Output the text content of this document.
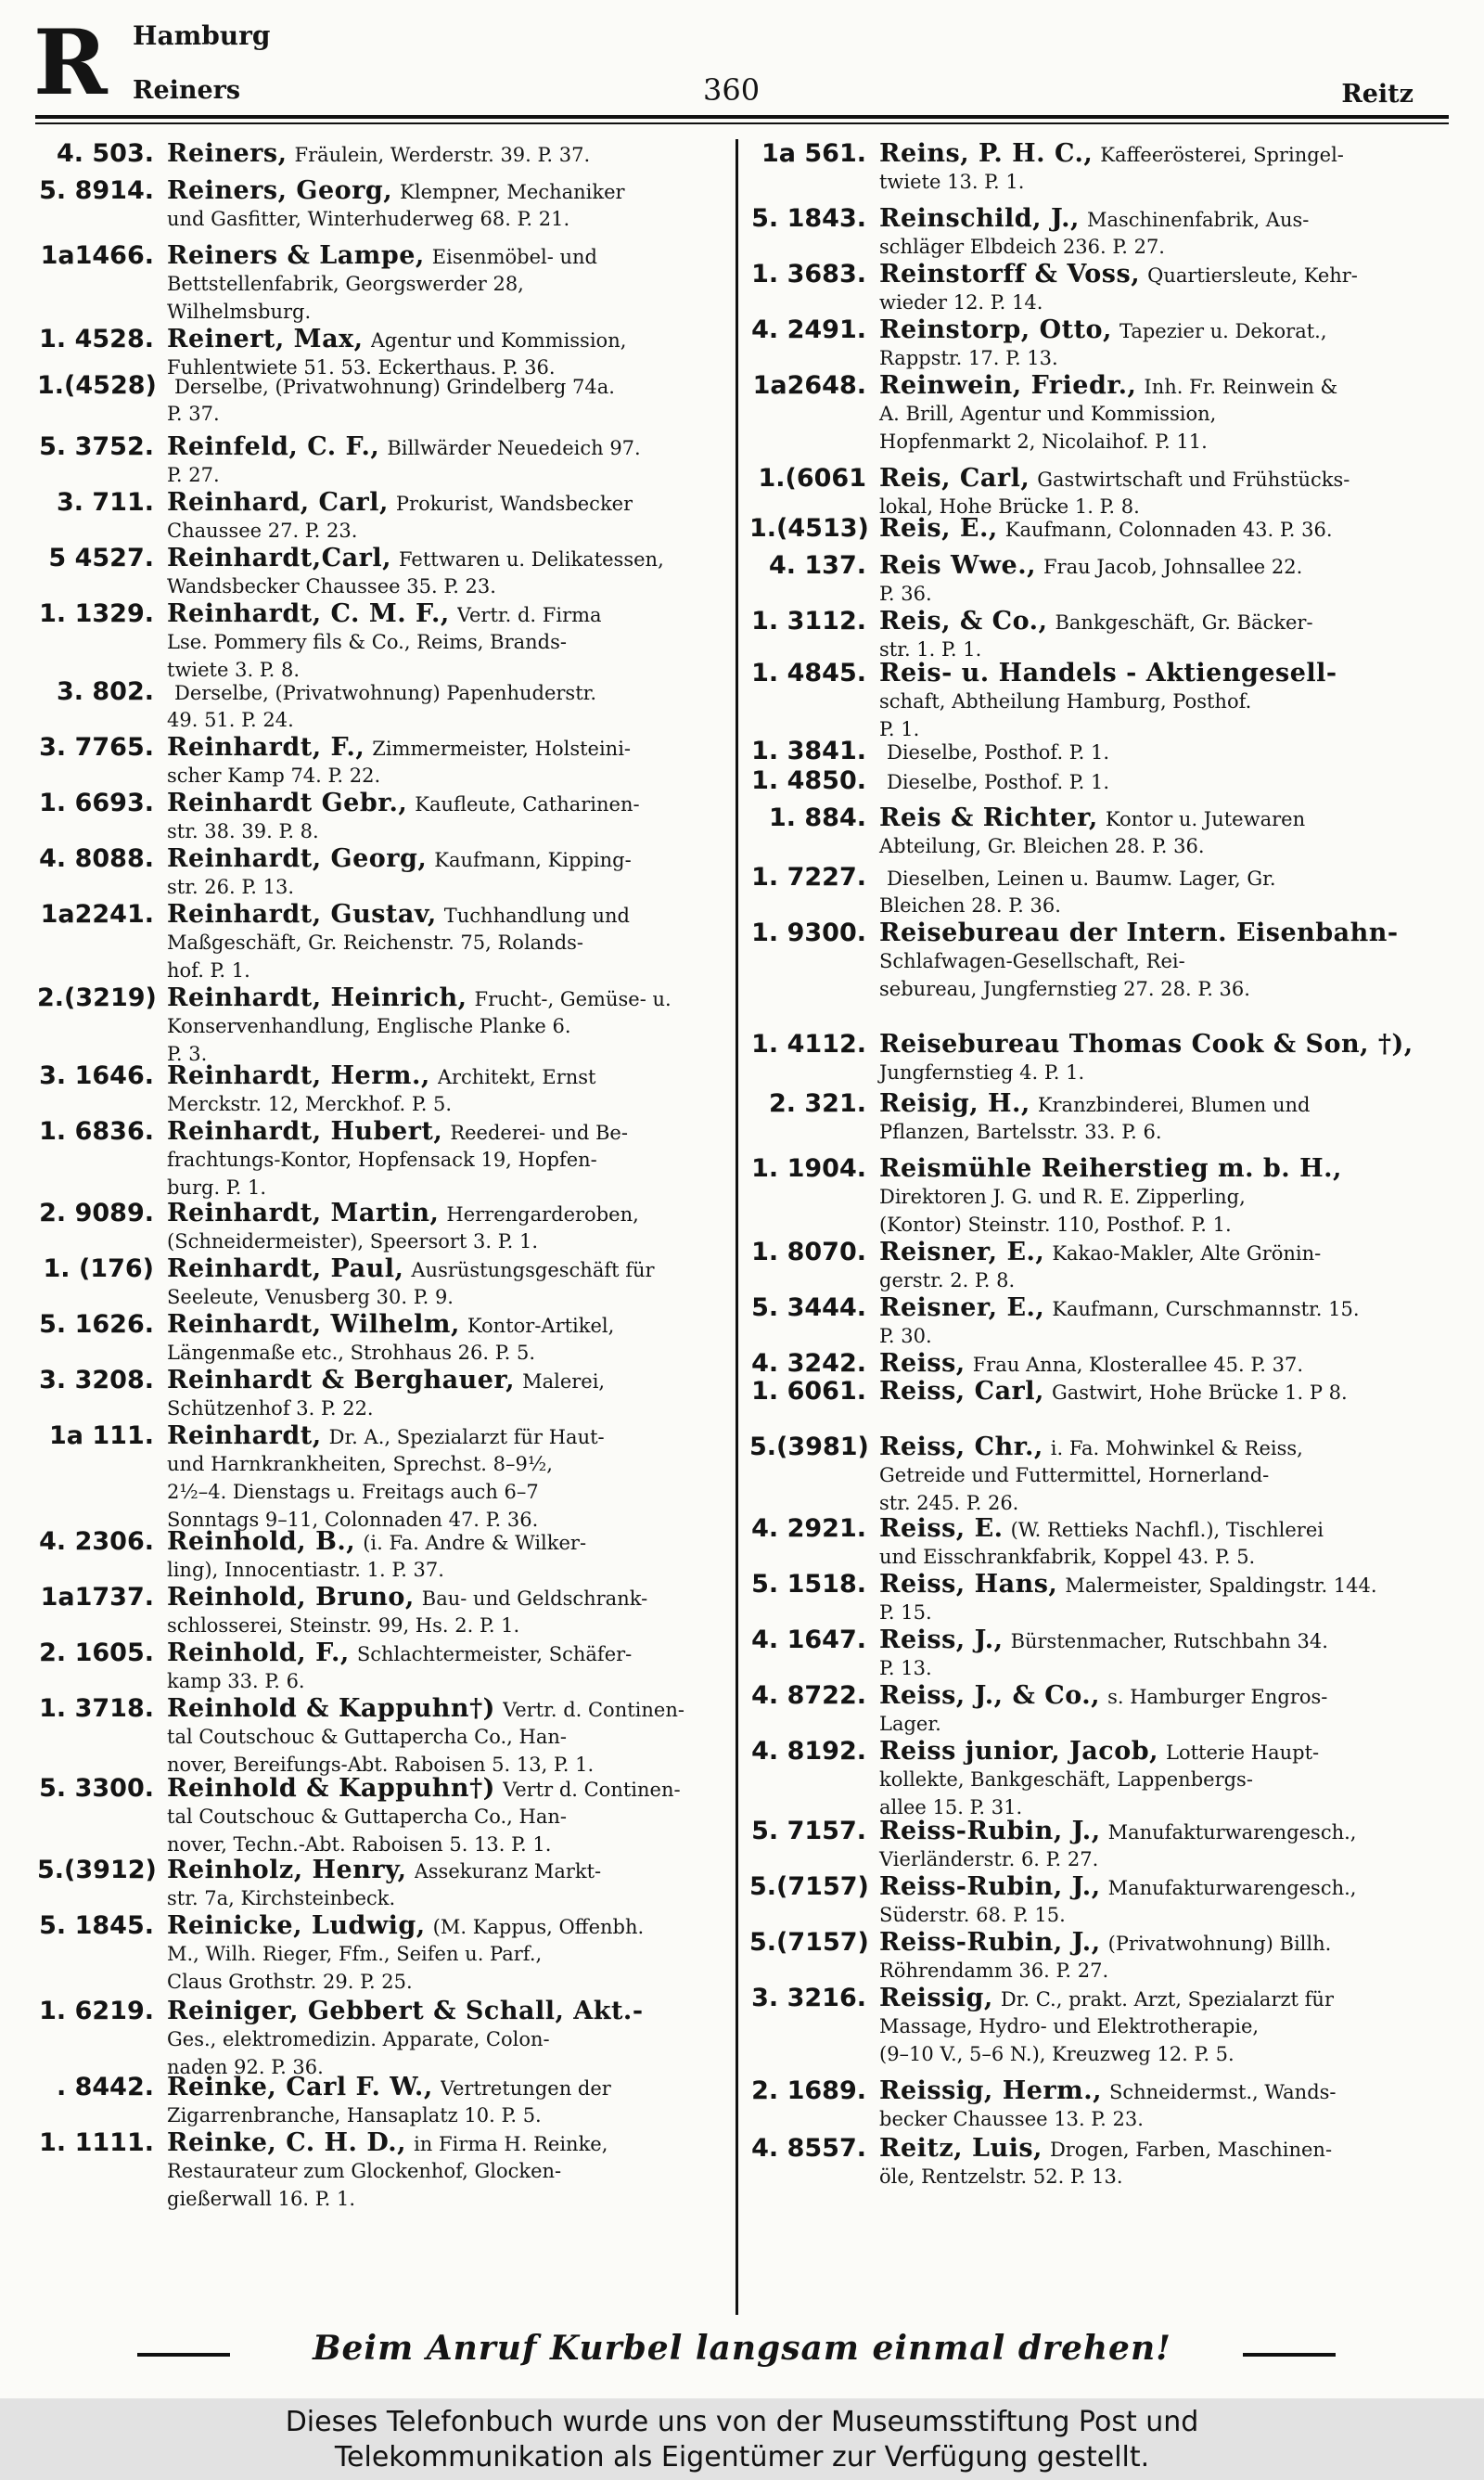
R Hamburg
Reiners	360	Reitz
4. 503. Reiners, Fräulein, Werderstr. 39. P. 37.
5. 8914. Reiners, Georg, Klempner, Mechaniker
und Gasfitter, Winterhuderweg 68. P. 21.
1a1466. Reiners & Lampe, Eisenmöbel- und
Bettstellenfabrik, Georgswerder 28,
Wilhelmsburg.
1. 4528. Reinert, Max, Agentur und Kommission,
Fuhlentwiete 51. 53. Eckerthaus. P. 36.
1.(4528) Derselbe, (Privatwohnung) Grindelberg 74a.
P. 37.
5. 3752. Reinfeld, C. F., Billwärder Neuedeich 97.
P. 27.
3. 711. Reinhard, Carl, Prokurist, Wandsbecker
Chaussee 27. P. 23.
5 4527. Reinhardt,Carl, Fettwaren u. Delikatessen,
Wandsbecker Chaussee 35. P. 23.
1. 1329. Reinhardt, C. M. F., Vertr. d. Firma
Lse. Pommery fils & Co., Reims, Brands-
twiete 3. P. 8.
3. 802.	Derselbe, (Privatwohnung) Papenhuderstr.
49. 51. P. 24.
3. 7765. Reinhardt, F., Zimmermeister, Holsteini-
scher Kamp 74. P. 22.
1. 6693. Reinhardt Gebr., Kaufleute, Catharinen-
str. 38. 39. P. 8.
4. 8088. Reinhardt, Georg, Kaufmann, Kipping-
str. 26. P. 13.
1a2241. Reinhardt, Gustav, Tuchhandlung und
Maßgeschäft, Gr. Reichenstr. 75, Rolands-
hof. P. 1.
2.(3219) Reinhardt, Heinrich, Frucht-, Gemüse- u.
Konservenhandlung, Englische Planke 6.
P. 3.
3. 1646. Reinhardt, Herm., Architekt, Ernst
Merckstr. 12, Merckhof. P. 5.
1. 6836. Reinhardt, Hubert, Reederei- und Be-
frachtungs-Kontor, Hopfensack 19, Hopfen-
burg. P. 1.
2. 9089. Reinhardt, Martin, Herrengarderoben,
(Schneidermeister), Speersort 3. P. 1.
1. (176) Reinhardt, Paul, Ausrüstungsgeschäft für
Seeleute, Venusberg 30. P. 9.
5. 1626. Reinhardt, Wilhelm, Kontor-Artikel,
Längenmaße etc., Strohhaus 26. P. 5.
3. 3208. Reinhardt & Berghauer, Malerei,
Schützenhof 3. P. 22.
1a 111. Reinhardt, Dr. A., Spezialarzt für Haut-
und Harnkrankheiten, Sprechst. 8–9½,
2½–4. Dienstags u. Freitags auch 6–7
Sonntags 9–11, Colonnaden 47. P. 36.
4. 2306. Reinhold, B., (i. Fa. Andre & Wilker-
ling), Innocentiastr. 1. P. 37.
1a1737. Reinhold, Bruno, Bau- und Geldschrank-
schlosserei, Steinstr. 99, Hs. 2. P. 1.
2. 1605. Reinhold, F., Schlachtermeister, Schäfer-
kamp 33. P. 6.
1. 3718. Reinhold & Kappuhn†) Vertr. d. Continen-
tal Coutschouc & Guttapercha Co., Han-
nover, Bereifungs-Abt. Raboisen 5. 13, P. 1.
5. 3300. Reinhold & Kappuhn†) Vertr d. Continen-
tal Coutschouc & Guttapercha Co., Han-
nover, Techn.-Abt. Raboisen 5. 13. P. 1.
5.(3912) Reinholz, Henry, Assekuranz Markt-
str. 7a, Kirchsteinbeck.
5. 1845. Reinicke, Ludwig, (M. Kappus, Offenbh.
M., Wilh. Rieger, Ffm., Seifen u. Parf.,
Claus Grothstr. 29. P. 25.
1. 6219. Reiniger, Gebbert & Schall, Akt.-
Ges., elektromedizin. Apparate, Colon-
naden 92. P. 36.
. 8442. Reinke, Carl F. W., Vertretungen der
Zigarrenbranche, Hansaplatz 10. P. 5.
1. 1111. Reinke, C. H. D., in Firma H. Reinke,
Restaurateur zum Glockenhof, Glocken-
gießerwall 16. P. 1.
1a 561. Reins, P. H. C., Kaffeerösterei, Springel-
twiete 13. P. 1.
5. 1843. Reinschild, J., Maschinenfabrik, Aus-
schläger Elbdeich 236. P. 27.
1. 3683. Reinstorff & Voss, Quartiersleute, Kehr-
wieder 12. P. 14.
4. 2491. Reinstorp, Otto, Tapezier u. Dekorat.,
Rappstr. 17. P. 13.
1a2648. Reinwein, Friedr., Inh. Fr. Reinwein &
A. Brill, Agentur und Kommission,
Hopfenmarkt 2, Nicolaihof. P. 11.
1.(6061 Reis, Carl, Gastwirtschaft und Frühstücks-
lokal, Hohe Brücke 1. P. 8.
1.(4513) Reis, E., Kaufmann, Colonnaden 43. P. 36.
4. 137. Reis Wwe., Frau Jacob, Johnsallee 22.
P. 36.
1. 3112. Reis, & Co., Bankgeschäft, Gr. Bäcker-
str. 1. P. 1.
1. 4845. Reis- u. Handels - Aktiengesell-
schaft, Abtheilung Hamburg, Posthof.
P. 1.
1. 3841.	Dieselbe, Posthof. P. 1.
1. 4850.	Dieselbe, Posthof. P. 1.
1. 884. Reis & Richter, Kontor u. Jutewaren
Abteilung, Gr. Bleichen 28. P. 36.
1. 7227.	Dieselben, Leinen u. Baumw. Lager, Gr.
Bleichen 28. P. 36.
1. 9300. Reisebureau der Intern. Eisenbahn-
Schlafwagen-Gesellschaft, Rei-
sebureau, Jungfernstieg 27. 28. P. 36.
1. 4112. Reisebureau Thomas Cook & Son, †),
Jungfernstieg 4. P. 1.
2. 321. Reisig, H., Kranzbinderei, Blumen und
Pflanzen, Bartelsstr. 33. P. 6.
1. 1904. Reismühle Reiherstieg m. b. H.,
Direktoren J. G. und R. E. Zipperling,
(Kontor) Steinstr. 110, Posthof. P. 1.
1. 8070. Reisner, E., Kakao-Makler, Alte Grönin-
gerstr. 2. P. 8.
5. 3444. Reisner, E., Kaufmann, Curschmannstr. 15.
P. 30.
4. 3242. Reiss, Frau Anna, Klosterallee 45. P. 37.
1. 6061. Reiss, Carl, Gastwirt, Hohe Brücke 1. P 8.
5.(3981) Reiss, Chr., i. Fa. Mohwinkel & Reiss,
Getreide und Futtermittel, Hornerland-
str. 245. P. 26.
4. 2921. Reiss, E. (W. Rettieks Nachfl.), Tischlerei
und Eisschrankfabrik, Koppel 43. P. 5.
5. 1518. Reiss, Hans, Malermeister, Spaldingstr. 144.
P. 15.
4. 1647. Reiss, J., Bürstenmacher, Rutschbahn 34.
P. 13.
4. 8722. Reiss, J., & Co., s. Hamburger Engros-
Lager.
4. 8192. Reiss junior, Jacob, Lotterie Haupt-
kollekte, Bankgeschäft, Lappenbergs-
allee 15. P. 31.
5. 7157. Reiss-Rubin, J., Manufakturwarengesch.,
Vierländerstr. 6. P. 27.
5.(7157) Reiss-Rubin, J., Manufakturwarengesch.,
Süderstr. 68. P. 15.
5.(7157) Reiss-Rubin, J., (Privatwohnung) Billh.
Röhrendamm 36. P. 27.
3. 3216. Reissig, Dr. C., prakt. Arzt, Spezialarzt für
Massage, Hydro- und Elektrotherapie,
(9–10 V., 5–6 N.), Kreuzweg 12. P. 5.
2. 1689. Reissig, Herm., Schneidermst., Wands-
becker Chaussee 13. P. 23.
4. 8557. Reitz, Luis, Drogen, Farben, Maschinen-
öle, Rentzelstr. 52. P. 13.
Beim Anruf Kurbel langsam einmal drehen!
Dieses Telefonbuch wurde uns von der Museumsstiftung Post und
Telekommunikation als Eigentümer zur Verfügung gestellt.
